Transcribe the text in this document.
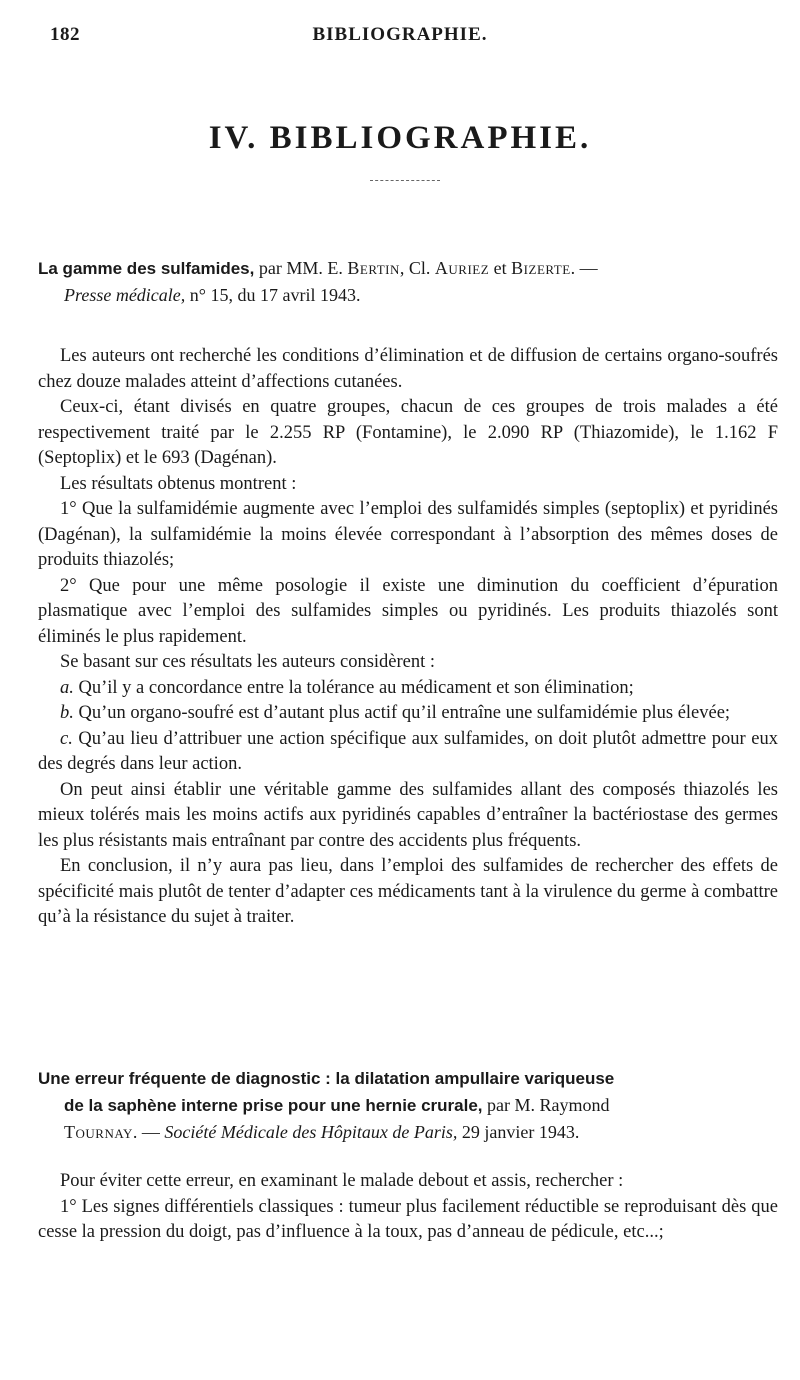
182	BIBLIOGRAPHIE.
IV. BIBLIOGRAPHIE.
La gamme des sulfamides, par MM. E. Bertin, Cl. Auriez et Bizerte. —
Presse médicale, n° 15, du 17 avril 1943.

Les auteurs ont recherché les conditions d’élimination et de diffusion de certains organo-soufrés chez douze malades atteint d’affections cutanées.

Ceux-ci, étant divisés en quatre groupes, chacun de ces groupes de trois malades a été respectivement traité par le 2.255 RP (Fontamine), le 2.090 RP (Thiazomide), le 1.162 F (Septoplix) et le 693 (Dagénan).

Les résultats obtenus montrent :

1° Que la sulfamidémie augmente avec l’emploi des sulfamidés simples (septoplix) et pyridinés (Dagénan), la sulfamidémie la moins élevée correspondant à l’absorption des mêmes doses de produits thiazolés;

2° Que pour une même posologie il existe une diminution du coefficient d’épuration plasmatique avec l’emploi des sulfamides simples ou pyridinés. Les produits thiazolés sont éliminés le plus rapidement.

Se basant sur ces résultats les auteurs considèrent :

a. Qu’il y a concordance entre la tolérance au médicament et son élimination;

b. Qu’un organo-soufré est d’autant plus actif qu’il entraîne une sulfamidémie plus élevée;

c. Qu’au lieu d’attribuer une action spécifique aux sulfamides, on doit plutôt admettre pour eux des degrés dans leur action.

On peut ainsi établir une véritable gamme des sulfamides allant des composés thiazolés les mieux tolérés mais les moins actifs aux pyridinés capables d’entraîner la bactériostase des germes les plus résistants mais entraînant par contre des accidents plus fréquents.

En conclusion, il n’y aura pas lieu, dans l’emploi des sulfamides de rechercher des effets de spécificité mais plutôt de tenter d’adapter ces médicaments tant à la virulence du germe à combattre qu’à la résistance du sujet à traiter.

Une erreur fréquente de diagnostic : la dilatation ampullaire variqueuse
de la saphène interne prise pour une hernie crurale, par M. Raymond
Tournay. — Société Médicale des Hôpitaux de Paris, 29 janvier 1943.

Pour éviter cette erreur, en examinant le malade debout et assis, rechercher :

1° Les signes différentiels classiques : tumeur plus facilement réductible se reproduisant dès que cesse la pression du doigt, pas d’influence à la toux, pas d’anneau de pédicule, etc...;
